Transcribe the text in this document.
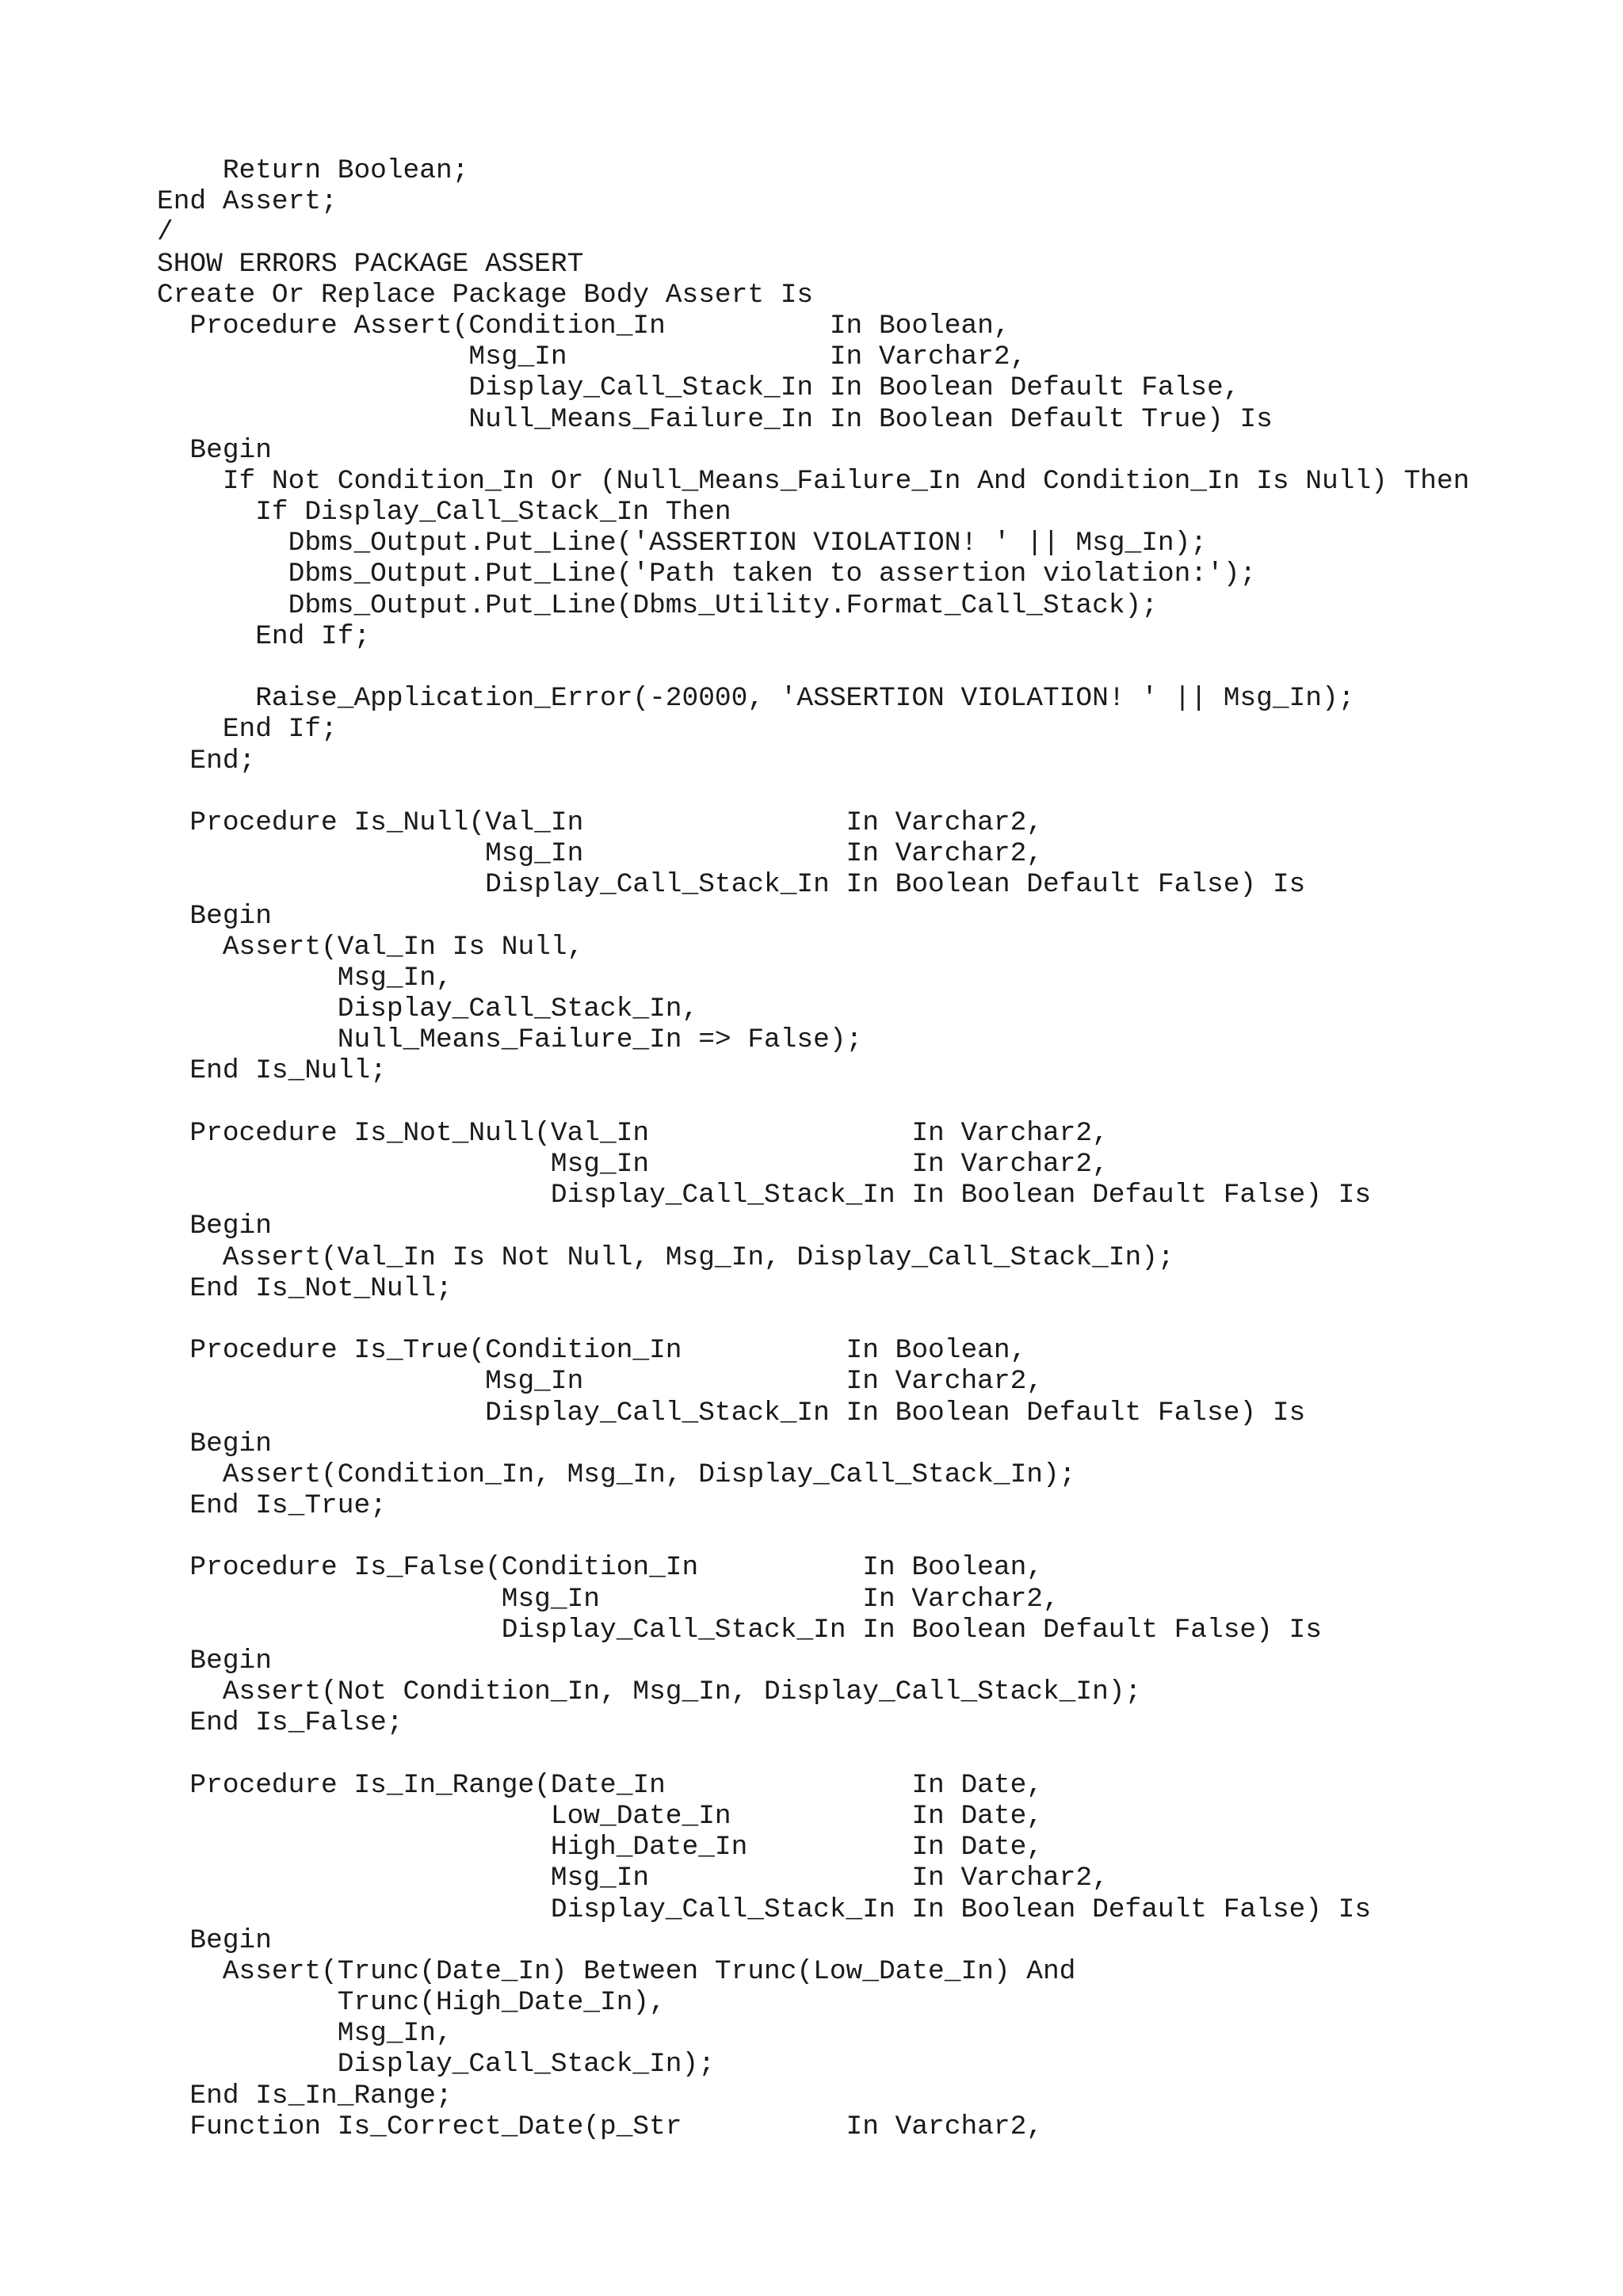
Return Boolean;
End Assert;
/
SHOW ERRORS PACKAGE ASSERT
Create Or Replace Package Body Assert Is
Procedure Assert(Condition_In          In Boolean,
Msg_In                In Varchar2,
Display_Call_Stack_In In Boolean Default False,
Null_Means_Failure_In In Boolean Default True) Is
Begin
If Not Condition_In Or (Null_Means_Failure_In And Condition_In Is Null) Then
If Display_Call_Stack_In Then
Dbms_Output.Put_Line('ASSERTION VIOLATION! ' || Msg_In);
Dbms_Output.Put_Line('Path taken to assertion violation:');
Dbms_Output.Put_Line(Dbms_Utility.Format_Call_Stack);
End If;
Raise_Application_Error(-20000, 'ASSERTION VIOLATION! ' || Msg_In);
End If;
End;
Procedure Is_Null(Val_In                In Varchar2,
Msg_In                In Varchar2,
Display_Call_Stack_In In Boolean Default False) Is
Begin
Assert(Val_In Is Null,
Msg_In,
Display_Call_Stack_In,
Null_Means_Failure_In => False);
End Is_Null;
Procedure Is_Not_Null(Val_In                In Varchar2,
Msg_In                In Varchar2,
Display_Call_Stack_In In Boolean Default False) Is
Begin
Assert(Val_In Is Not Null, Msg_In, Display_Call_Stack_In);
End Is_Not_Null;
Procedure Is_True(Condition_In          In Boolean,
Msg_In                In Varchar2,
Display_Call_Stack_In In Boolean Default False) Is
Begin
Assert(Condition_In, Msg_In, Display_Call_Stack_In);
End Is_True;
Procedure Is_False(Condition_In          In Boolean,
Msg_In                In Varchar2,
Display_Call_Stack_In In Boolean Default False) Is
Begin
Assert(Not Condition_In, Msg_In, Display_Call_Stack_In);
End Is_False;
Procedure Is_In_Range(Date_In               In Date,
Low_Date_In           In Date,
High_Date_In          In Date,
Msg_In                In Varchar2,
Display_Call_Stack_In In Boolean Default False) Is
Begin
Assert(Trunc(Date_In) Between Trunc(Low_Date_In) And
Trunc(High_Date_In),
Msg_In,
Display_Call_Stack_In);
End Is_In_Range;
Function Is_Correct_Date(p_Str          In Varchar2,
